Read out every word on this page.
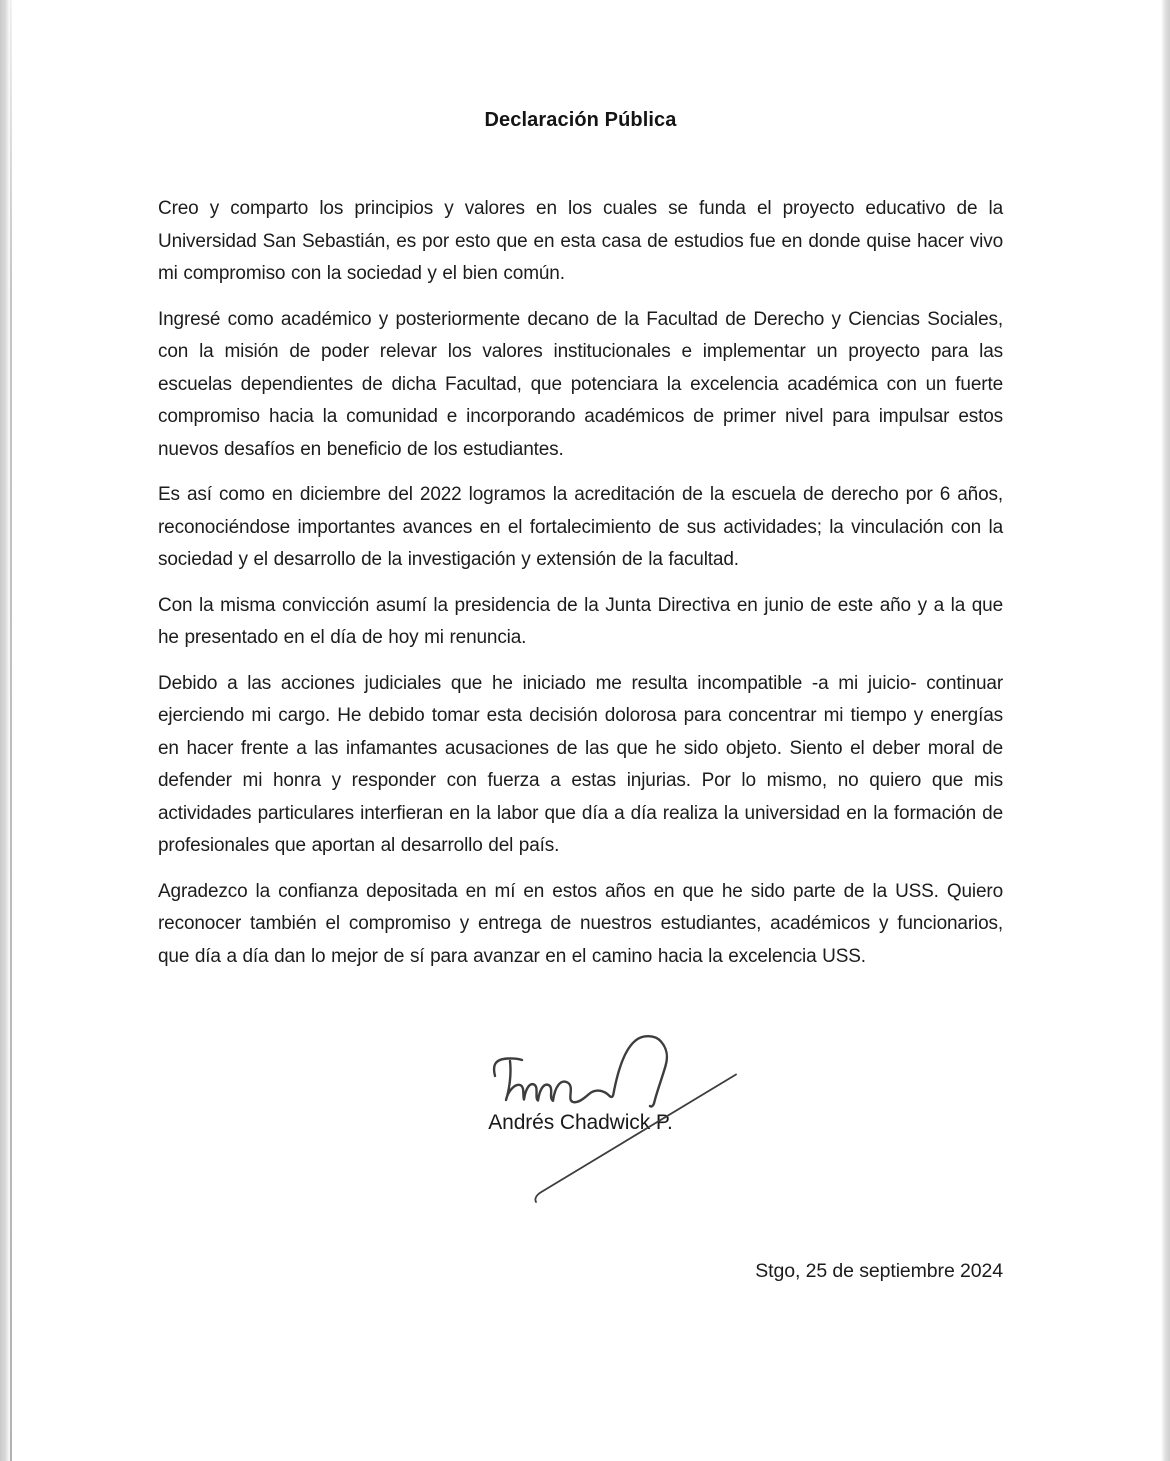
Declaración Pública

Creo y comparto los principios y valores en los cuales se funda el proyecto educativo de la Universidad San Sebastián, es por esto que en esta casa de estudios fue en donde quise hacer vivo mi compromiso con la sociedad y el bien común.

Ingresé como académico y posteriormente decano de la Facultad de Derecho y Ciencias Sociales, con la misión de poder relevar los valores institucionales e implementar un proyecto para las escuelas dependientes de dicha Facultad, que potenciara la excelencia académica con un fuerte compromiso hacia la comunidad e incorporando académicos de primer nivel para impulsar estos nuevos desafíos en beneficio de los estudiantes.

Es así como en diciembre del 2022 logramos la acreditación de la escuela de derecho por 6 años, reconociéndose importantes avances en el fortalecimiento de sus actividades; la vinculación con la sociedad y el desarrollo de la investigación y extensión de la facultad.

Con la misma convicción asumí la presidencia de la Junta Directiva en junio de este año y a la que he presentado en el día de hoy mi renuncia.

Debido a las acciones judiciales que he iniciado me resulta incompatible -a mi juicio- continuar ejerciendo mi cargo. He debido tomar esta decisión dolorosa para concentrar mi tiempo y energías en hacer frente a las infamantes acusaciones de las que he sido objeto. Siento el deber moral de defender mi honra y responder con fuerza a estas injurias. Por lo mismo, no quiero que mis actividades particulares interfieran en la labor que día a día realiza la universidad en la formación de profesionales que aportan al desarrollo del país.

Agradezco la confianza depositada en mí en estos años en que he sido parte de la USS. Quiero reconocer también el compromiso y entrega de nuestros estudiantes, académicos y funcionarios, que día a día dan lo mejor de sí para avanzar en el camino hacia la excelencia USS.

Andrés Chadwick P.

Stgo, 25 de septiembre 2024
